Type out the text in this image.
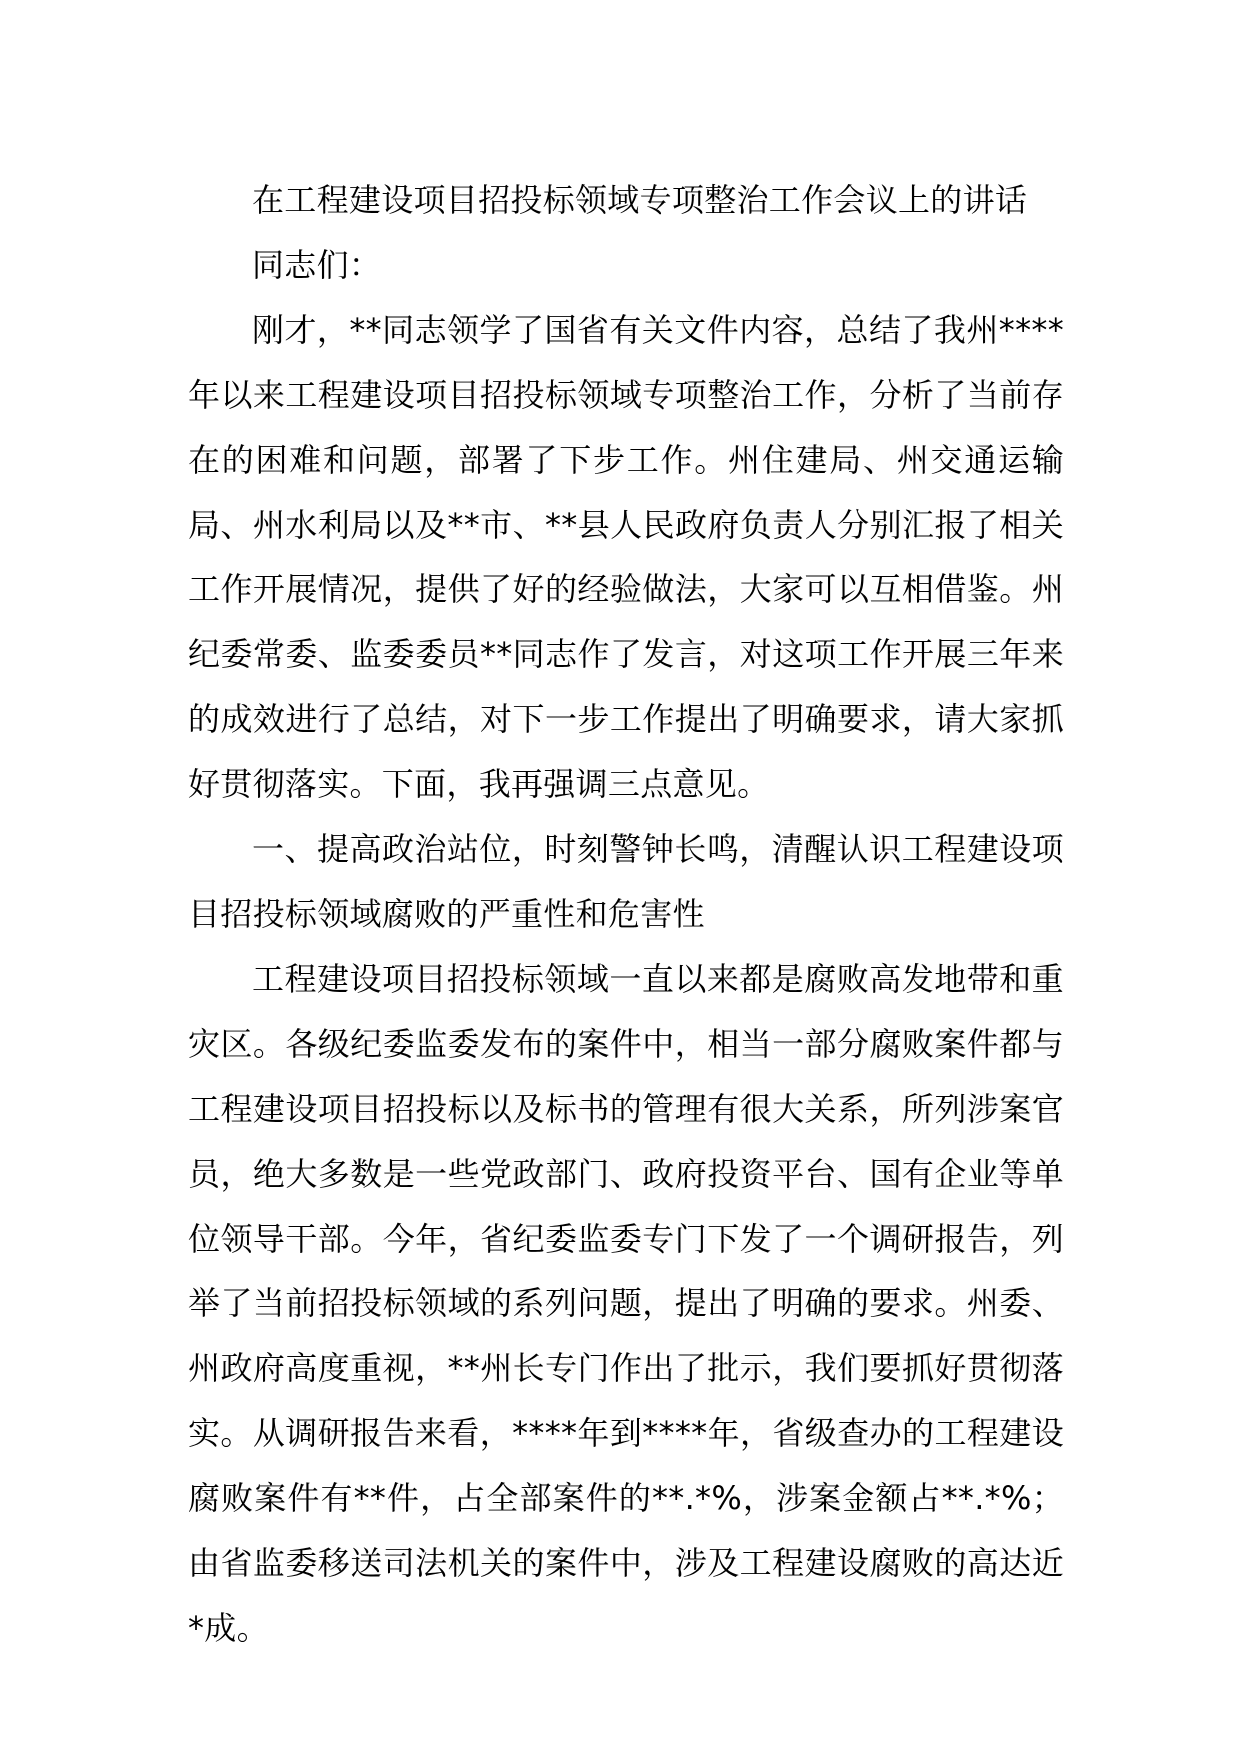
在工程建设项目招投标领域专项整治工作会议上的讲话

同志们：

刚才，**同志领学了国省有关文件内容，总结了我州****年以来工程建设项目招投标领域专项整治工作，分析了当前存在的困难和问题，部署了下步工作。州住建局、州交通运输局、州水利局以及**市、**县人民政府负责人分别汇报了相关工作开展情况，提供了好的经验做法，大家可以互相借鉴。州纪委常委、监委委员**同志作了发言，对这项工作开展三年来的成效进行了总结，对下一步工作提出了明确要求，请大家抓好贯彻落实。下面，我再强调三点意见。

一、提高政治站位，时刻警钟长鸣，清醒认识工程建设项目招投标领域腐败的严重性和危害性

工程建设项目招投标领域一直以来都是腐败高发地带和重灾区。各级纪委监委发布的案件中，相当一部分腐败案件都与工程建设项目招投标以及标书的管理有很大关系，所列涉案官员，绝大多数是一些党政部门、政府投资平台、国有企业等单位领导干部。今年，省纪委监委专门下发了一个调研报告，列举了当前招投标领域的系列问题，提出了明确的要求。州委、州政府高度重视，**州长专门作出了批示，我们要抓好贯彻落实。从调研报告来看，****年到****年，省级查办的工程建设腐败案件有**件，占全部案件的**.*%，涉案金额占**.*%；由省监委移送司法机关的案件中，涉及工程建设腐败的高达近*成。
